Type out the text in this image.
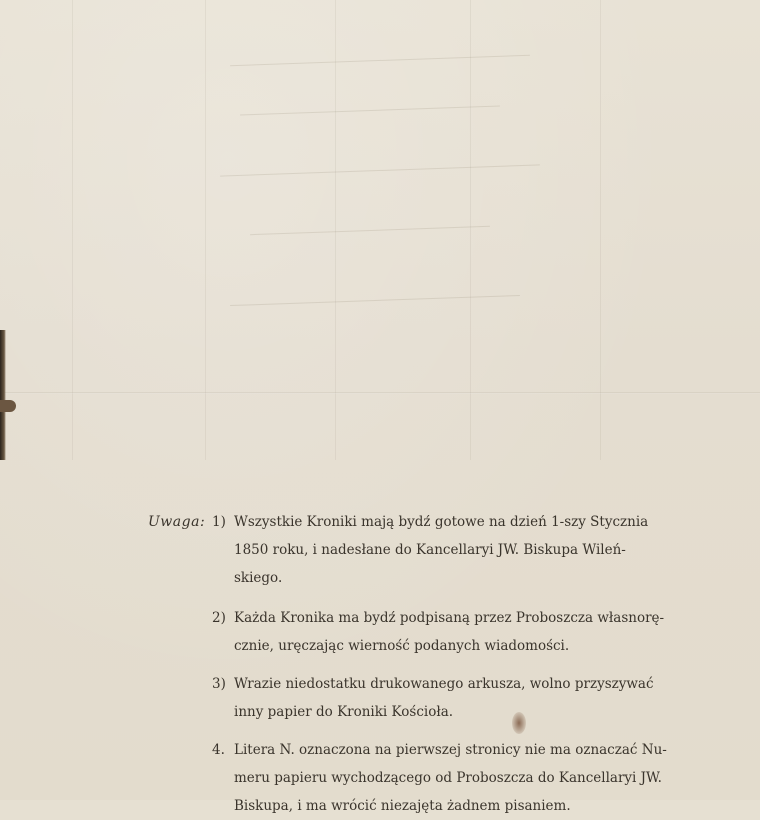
Uwaga: 1) Wszystkie Kroniki mają bydź gotowe na dzień 1-szy Stycznia
1850 roku, i nadesłane do Kancellaryi JW. Biskupa Wileń-
skiego.
2) Każda Kronika ma bydź podpisaną przez Proboszcza własnorę-
cznie, uręczając wierność podanych wiadomości.
3) Wrazie niedostatku drukowanego arkusza, wolno przyszywać
inny papier do Kroniki Kościoła.
4. Litera N. oznaczona na pierwszej stronicy nie ma oznaczać Nu-
meru papieru wychodzącego od Proboszcza do Kancellaryi JW.
Biskupa, i ma wrócić niezajęta żadnem pisaniem.
